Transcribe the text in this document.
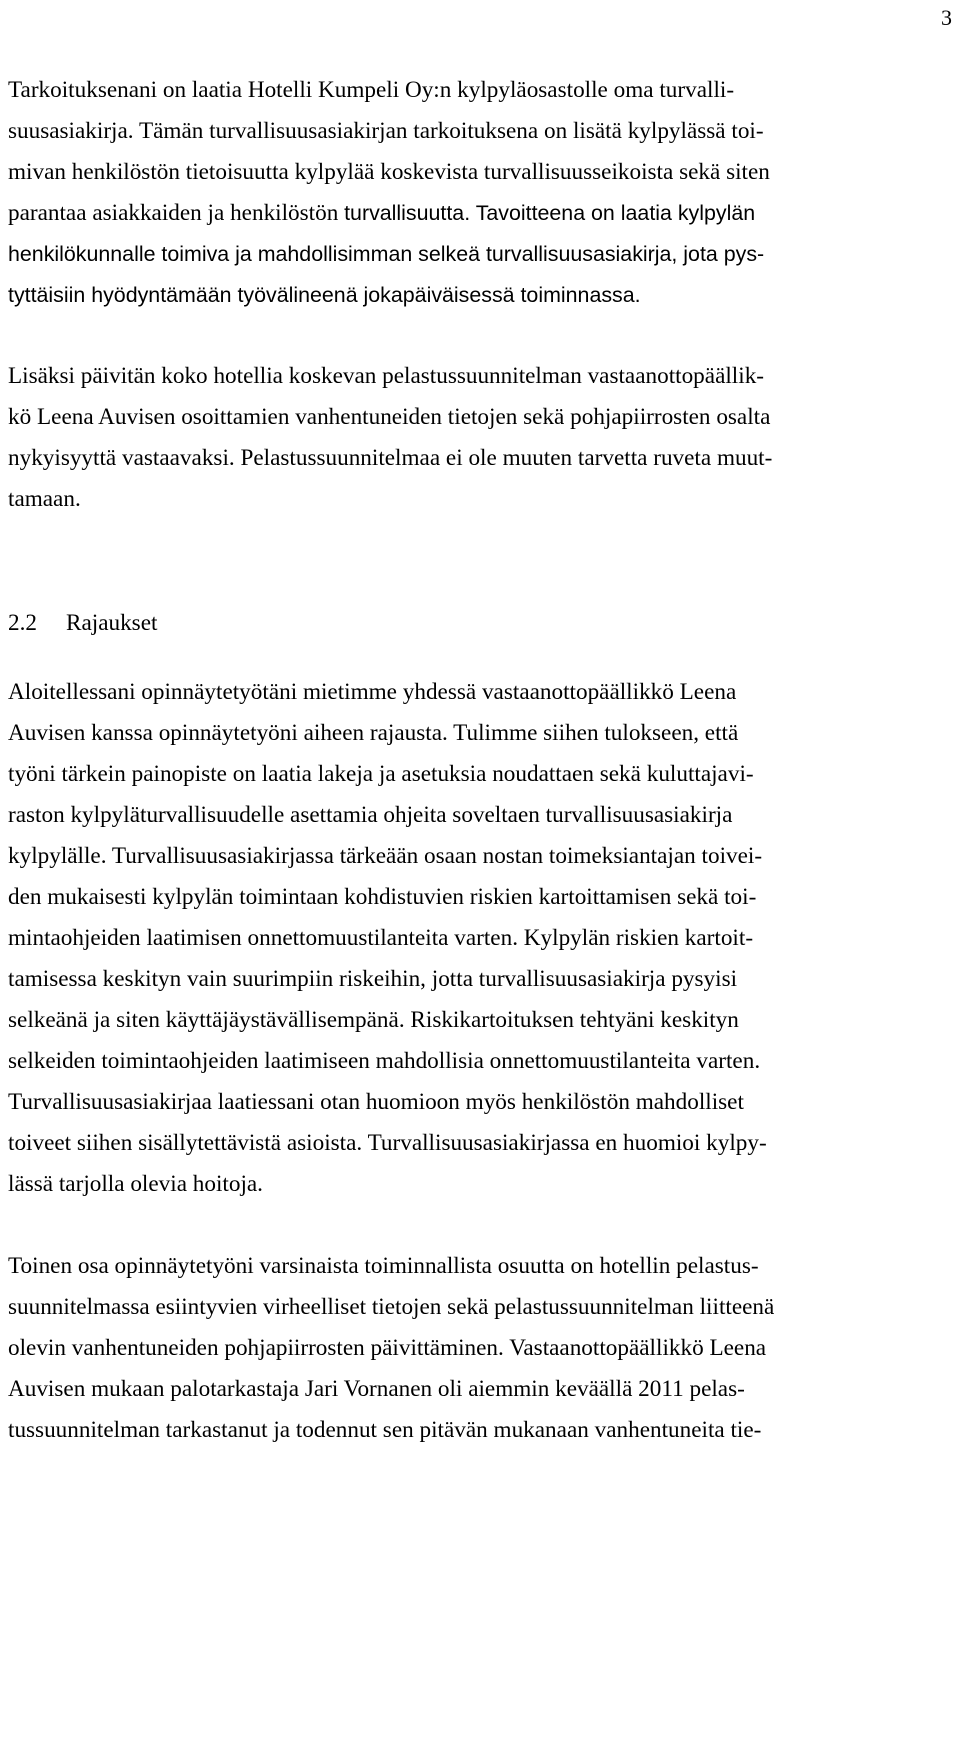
3

Tarkoituksenani on laatia Hotelli Kumpeli Oy:n kylpyläosastolle oma turvalli-
suusasiakirja. Tämän turvallisuusasiakirjan tarkoituksena on lisätä kylpylässä toi-
mivan henkilöstön tietoisuutta kylpylää koskevista turvallisuusseikoista sekä siten
parantaa asiakkaiden ja henkilöstön turvallisuutta. Tavoitteena on laatia kylpylän
henkilökunnalle toimiva ja mahdollisimman selkeä turvallisuusasiakirja, jota pys-
tyttäisiin hyödyntämään työvälineenä jokapäiväisessä toiminnassa.

Lisäksi päivitän koko hotellia koskevan pelastussuunnitelman vastaanottopäällik-
kö Leena Auvisen osoittamien vanhentuneiden tietojen sekä pohjapiirrosten osalta
nykyisyyttä vastaavaksi. Pelastussuunnitelmaa ei ole muuten tarvetta ruveta muut-
tamaan.

2.2 Rajaukset

Aloitellessani opinnäytetyötäni mietimme yhdessä vastaanottopäällikkö Leena
Auvisen kanssa opinnäytetyöni aiheen rajausta. Tulimme siihen tulokseen, että
työni tärkein painopiste on laatia lakeja ja asetuksia noudattaen sekä kuluttajavi-
raston kylpyläturvallisuudelle asettamia ohjeita soveltaen turvallisuusasiakirja
kylpylälle. Turvallisuusasiakirjassa tärkeään osaan nostan toimeksiantajan toivei-
den mukaisesti kylpylän toimintaan kohdistuvien riskien kartoittamisen sekä toi-
mintaohjeiden laatimisen onnettomuustilanteita varten. Kylpylän riskien kartoit-
tamisessa keskityn vain suurimpiin riskeihin, jotta turvallisuusasiakirja pysyisi
selkeänä ja siten käyttäjäystävällisempänä. Riskikartoituksen tehtyäni keskityn
selkeiden toimintaohjeiden laatimiseen mahdollisia onnettomuustilanteita varten.
Turvallisuusasiakirjaa laatiessani otan huomioon myös henkilöstön mahdolliset
toiveet siihen sisällytettävistä asioista. Turvallisuusasiakirjassa en huomioi kylpy-
lässä tarjolla olevia hoitoja.

Toinen osa opinnäytetyöni varsinaista toiminnallista osuutta on hotellin pelastus-
suunnitelmassa esiintyvien virheelliset tietojen sekä pelastussuunnitelman liitteenä
olevin vanhentuneiden pohjapiirrosten päivittäminen. Vastaanottopäällikkö Leena
Auvisen mukaan palotarkastaja Jari Vornanen oli aiemmin keväällä 2011 pelas-
tussuunnitelman tarkastanut ja todennut sen pitävän mukanaan vanhentuneita tie-
